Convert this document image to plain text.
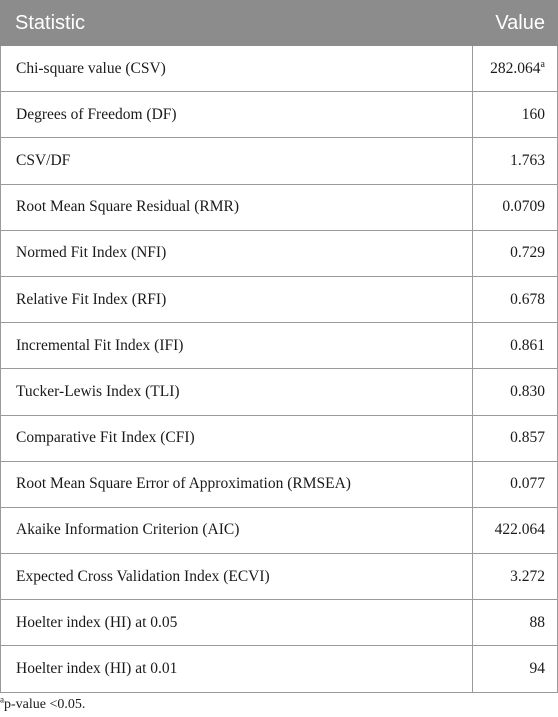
Statistic	Value
Chi-square value (CSV)	282.064$^a$
Degrees of Freedom (DF)	160
CSV/DF	1.763
Root Mean Square Residual (RMR)	0.0709
Normed Fit Index (NFI)	0.729
Relative Fit Index (RFI)	0.678
Incremental Fit Index (IFI)	0.861
Tucker-Lewis Index (TLI)	0.830
Comparative Fit Index (CFI)	0.857
Root Mean Square Error of Approximation (RMSEA)	0.077
Akaike Information Criterion (AIC)	422.064
Expected Cross Validation Index (ECVI)	3.272
Hoelter index (HI) at 0.05	88
Hoelter index (HI) at 0.01	94
$^a$p-value <0.05.
